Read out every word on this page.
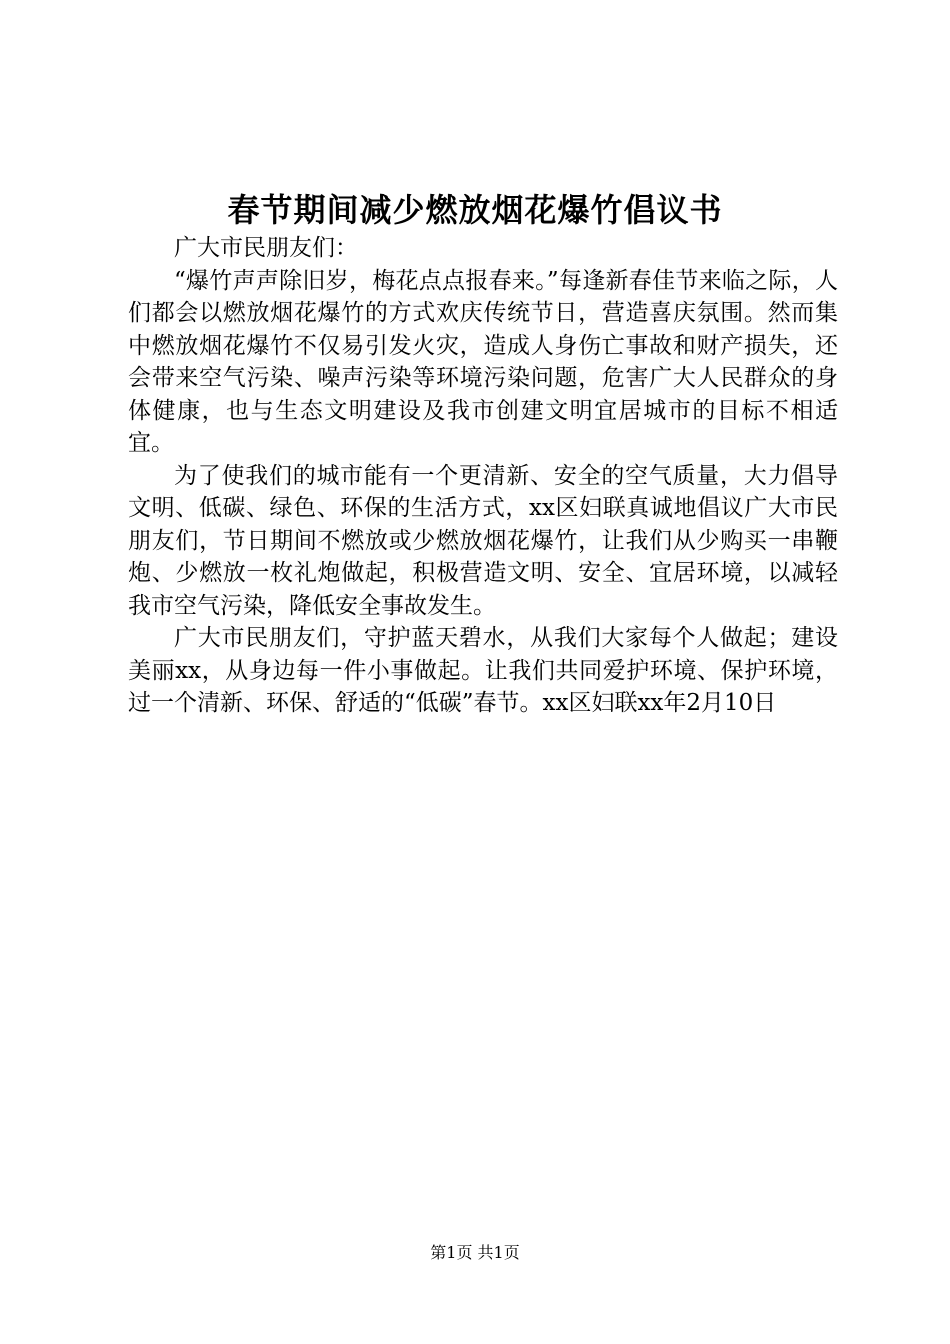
春节期间减少燃放烟花爆竹倡议书

广大市民朋友们：

“爆竹声声除旧岁，梅花点点报春来。”每逢新春佳节来临之际，人们都会以燃放烟花爆竹的方式欢庆传统节日，营造喜庆氛围。然而集中燃放烟花爆竹不仅易引发火灾，造成人身伤亡事故和财产损失，还会带来空气污染、噪声污染等环境污染问题，危害广大人民群众的身体健康，也与生态文明建设及我市创建文明宜居城市的目标不相适宜。

为了使我们的城市能有一个更清新、安全的空气质量，大力倡导文明、低碳、绿色、环保的生活方式，xx区妇联真诚地倡议广大市民朋友们，节日期间不燃放或少燃放烟花爆竹，让我们从少购买一串鞭炮、少燃放一枚礼炮做起，积极营造文明、安全、宜居环境，以减轻我市空气污染，降低安全事故发生。

广大市民朋友们，守护蓝天碧水，从我们大家每个人做起；建设美丽xx，从身边每一件小事做起。让我们共同爱护环境、保护环境，过一个清新、环保、舒适的“低碳”春节。xx区妇联xx年2月10日

第1页 共1页
